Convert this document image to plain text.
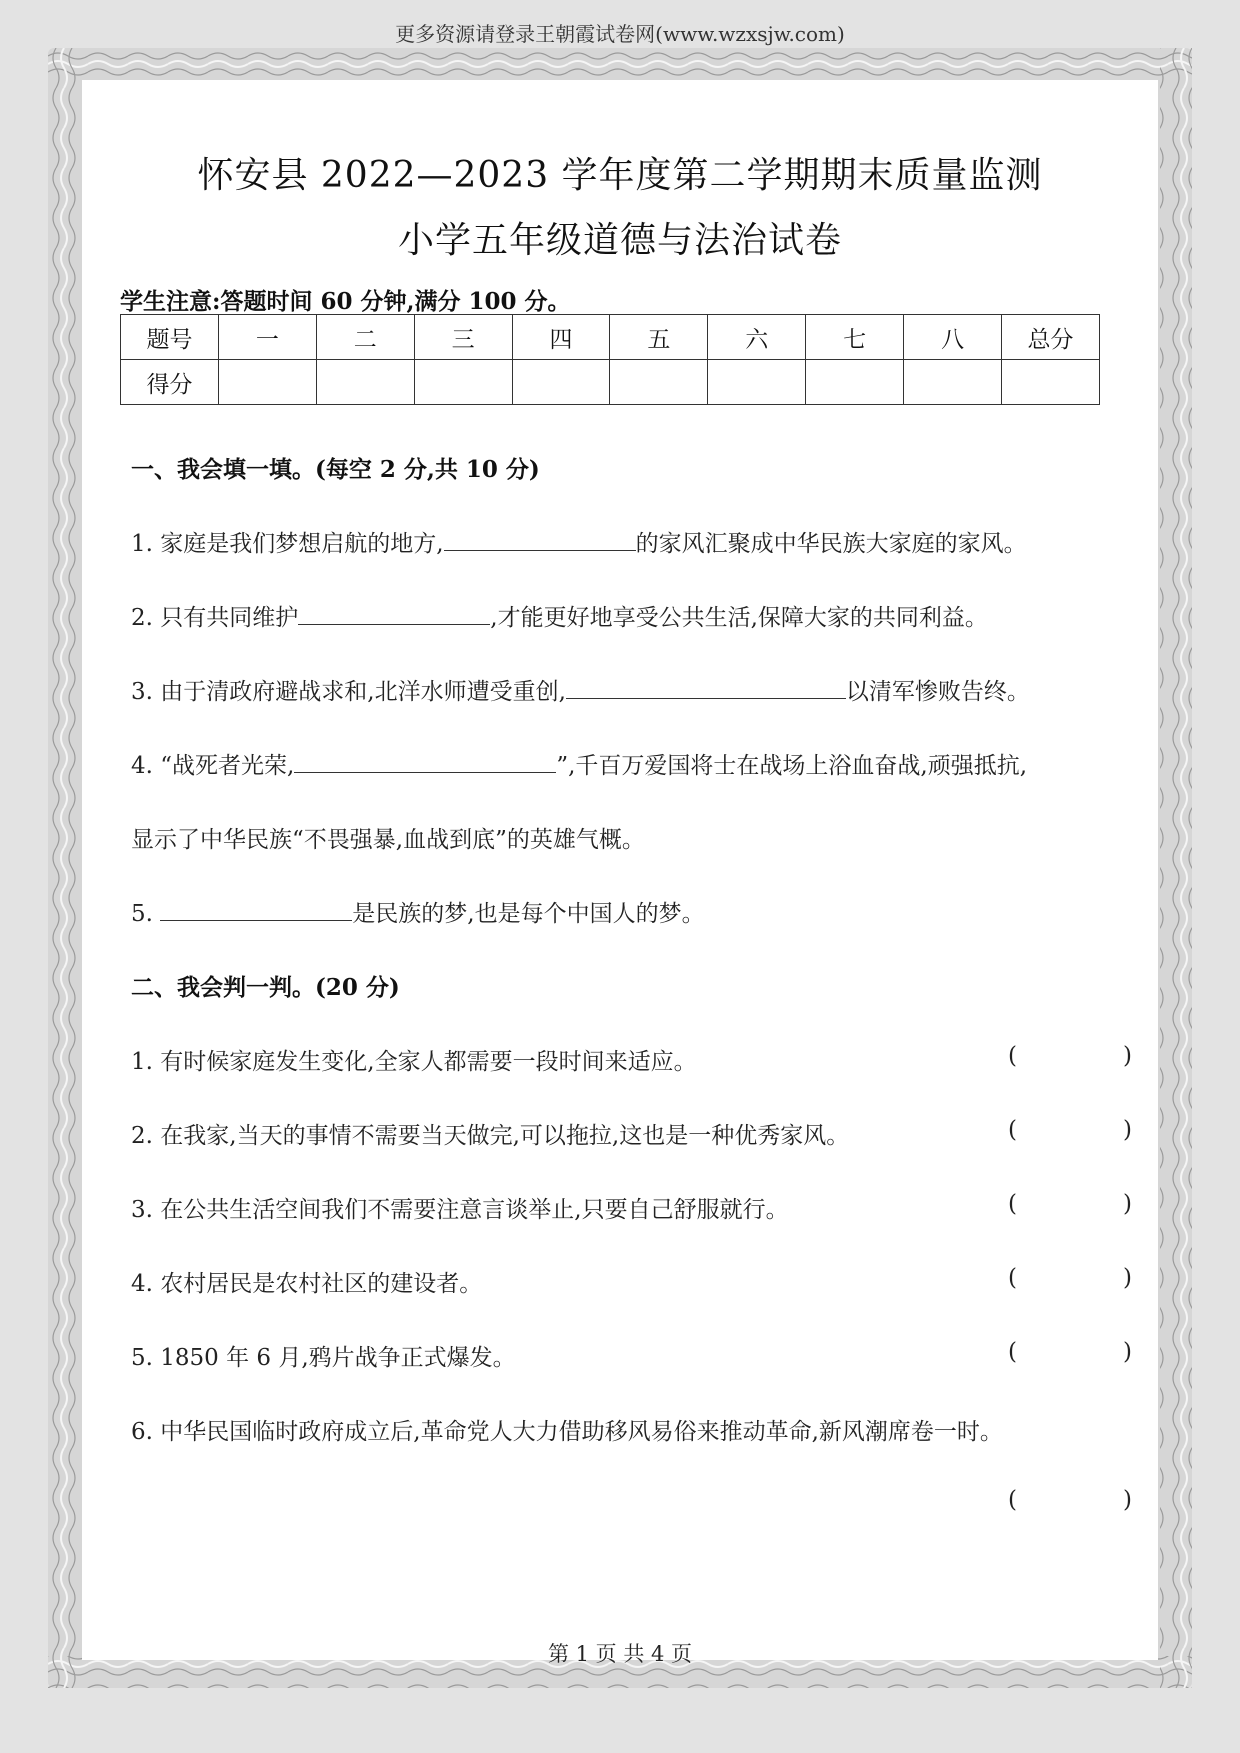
更多资源请登录王朝霞试卷网(www.wzxsjw.com)
怀安县 2022—2023 学年度第二学期期末质量监测
小学五年级道德与法治试卷
学生注意:答题时间 60 分钟,满分 100 分。
题号	一	二	三	四	五	六	七	八	总分
得分									
一、我会填一填。(每空 2 分,共 10 分)
1. 家庭是我们梦想启航的地方,	的家风汇聚成中华民族大家庭的家风。
2. 只有共同维护	,才能更好地享受公共生活,保障大家的共同利益。
3. 由于清政府避战求和,北洋水师遭受重创,	以清军惨败告终。
4. “战死者光荣,	”,千百万爱国将士在战场上浴血奋战,顽强抵抗,
显示了中华民族“不畏强暴,血战到底”的英雄气概。
5.	是民族的梦,也是每个中国人的梦。
二、我会判一判。(20 分)
1. 有时候家庭发生变化,全家人都需要一段时间来适应。	(	)
2. 在我家,当天的事情不需要当天做完,可以拖拉,这也是一种优秀家风。	(	)
3. 在公共生活空间我们不需要注意言谈举止,只要自己舒服就行。	(	)
4. 农村居民是农村社区的建设者。	(	)
5. 1850 年 6 月,鸦片战争正式爆发。	(	)
6. 中华民国临时政府成立后,革命党人大力借助移风易俗来推动革命,新风潮席卷一时。
(	)
第 1 页 共 4 页
